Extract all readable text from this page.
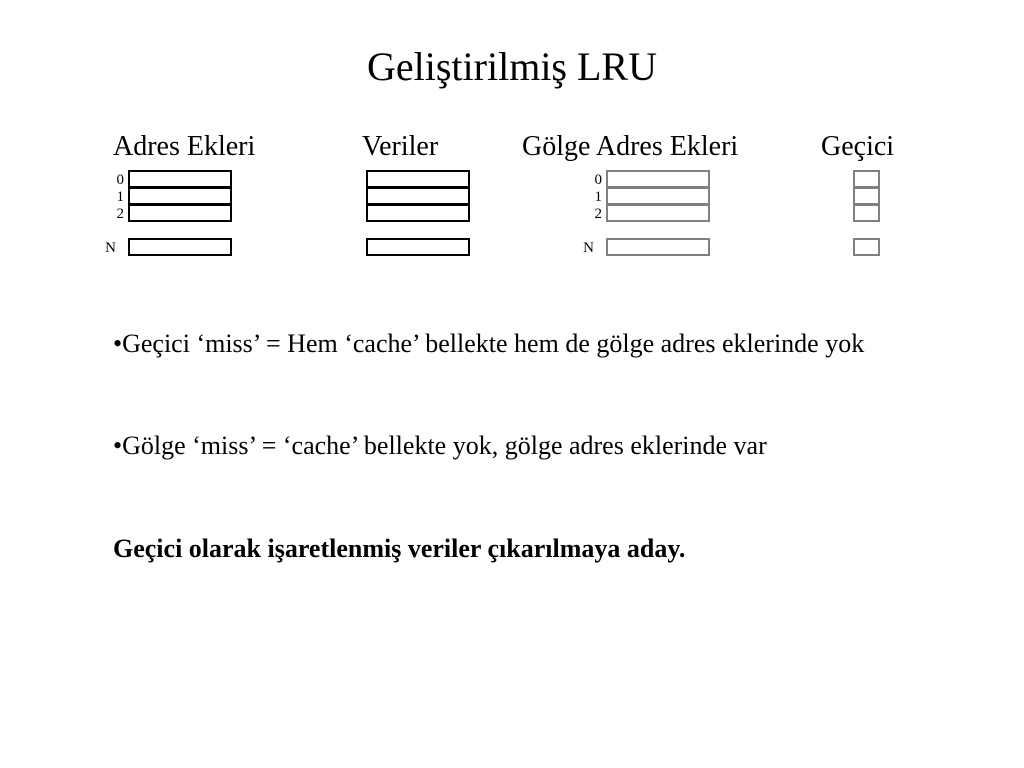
Geliştirilmiş LRU
Adres Ekleri	Veriler	Gölge Adres Ekleri	Geçici
0
1
2
N
0
1
2
N
•Geçici ‘miss’ = Hem ‘cache’ bellekte hem de gölge adres eklerinde yok
•Gölge ‘miss’ = ‘cache’ bellekte yok, gölge adres eklerinde var
Geçici olarak işaretlenmiş veriler çıkarılmaya aday.
